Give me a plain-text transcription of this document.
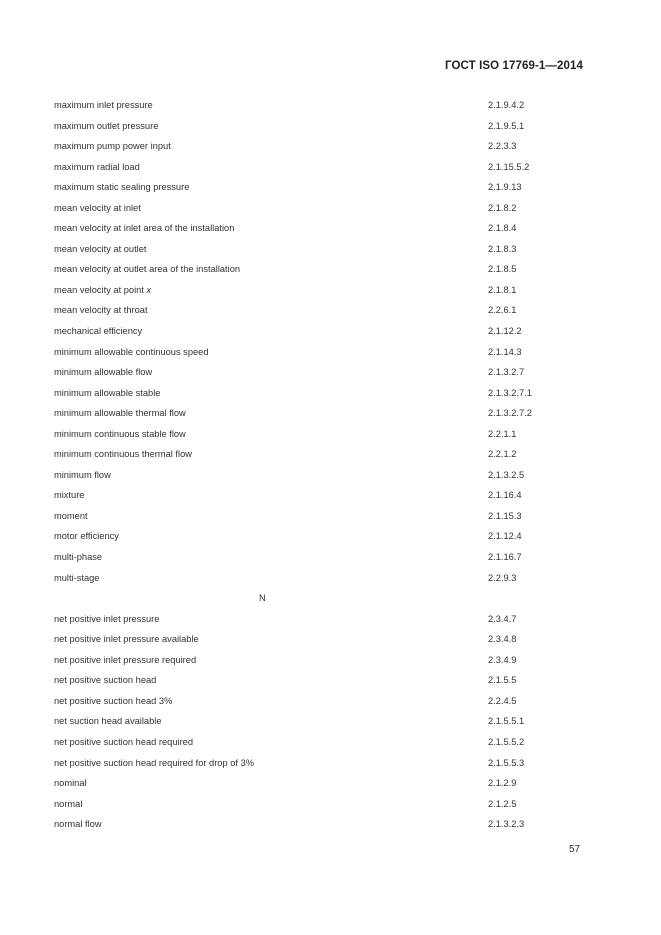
ГОСТ ISO 17769-1—2014
maximum inlet pressure	2.1.9.4.2
maximum outlet pressure	2.1.9.5.1
maximum pump power input	2.2.3.3
maximum radial load	2.1.15.5.2
maximum static sealing pressure	2.1.9.13
mean velocity at inlet	2.1.8.2
mean velocity at inlet area of the installation	2.1.8.4
mean velocity at outlet	2.1.8.3
mean velocity at outlet area of the installation	2.1.8.5
mean velocity at point x	2.1.8.1
mean velocity at throat	2.2.6.1
mechanical efficiency	2.1.12.2
minimum allowable continuous speed	2.1.14.3
minimum allowable flow	2.1.3.2.7
minimum allowable stable	2.1.3.2.7.1
minimum allowable thermal flow	2.1.3.2.7.2
minimum continuous stable flow	2.2.1.1
minimum continuous thermal flow	2.2.1.2
minimum flow	2.1.3.2.5
mixture	2.1.16.4
moment	2.1.15.3
motor efficiency	2.1.12.4
multi-phase	2.1.16.7
multi-stage	2.2.9.3
N
net positive inlet pressure	2.3.4.7
net positive inlet pressure available	2.3.4.8
net positive inlet pressure required	2.3.4.9
net positive suction head	2.1.5.5
net positive suction head 3%	2.2.4.5
net suction head available	2.1.5.5.1
net positive suction head required	2.1.5.5.2
net positive suction head required for drop of 3%	2.1.5.5.3
nominal	2.1.2.9
normal	2.1.2.5
normal flow	2.1.3.2.3
57
